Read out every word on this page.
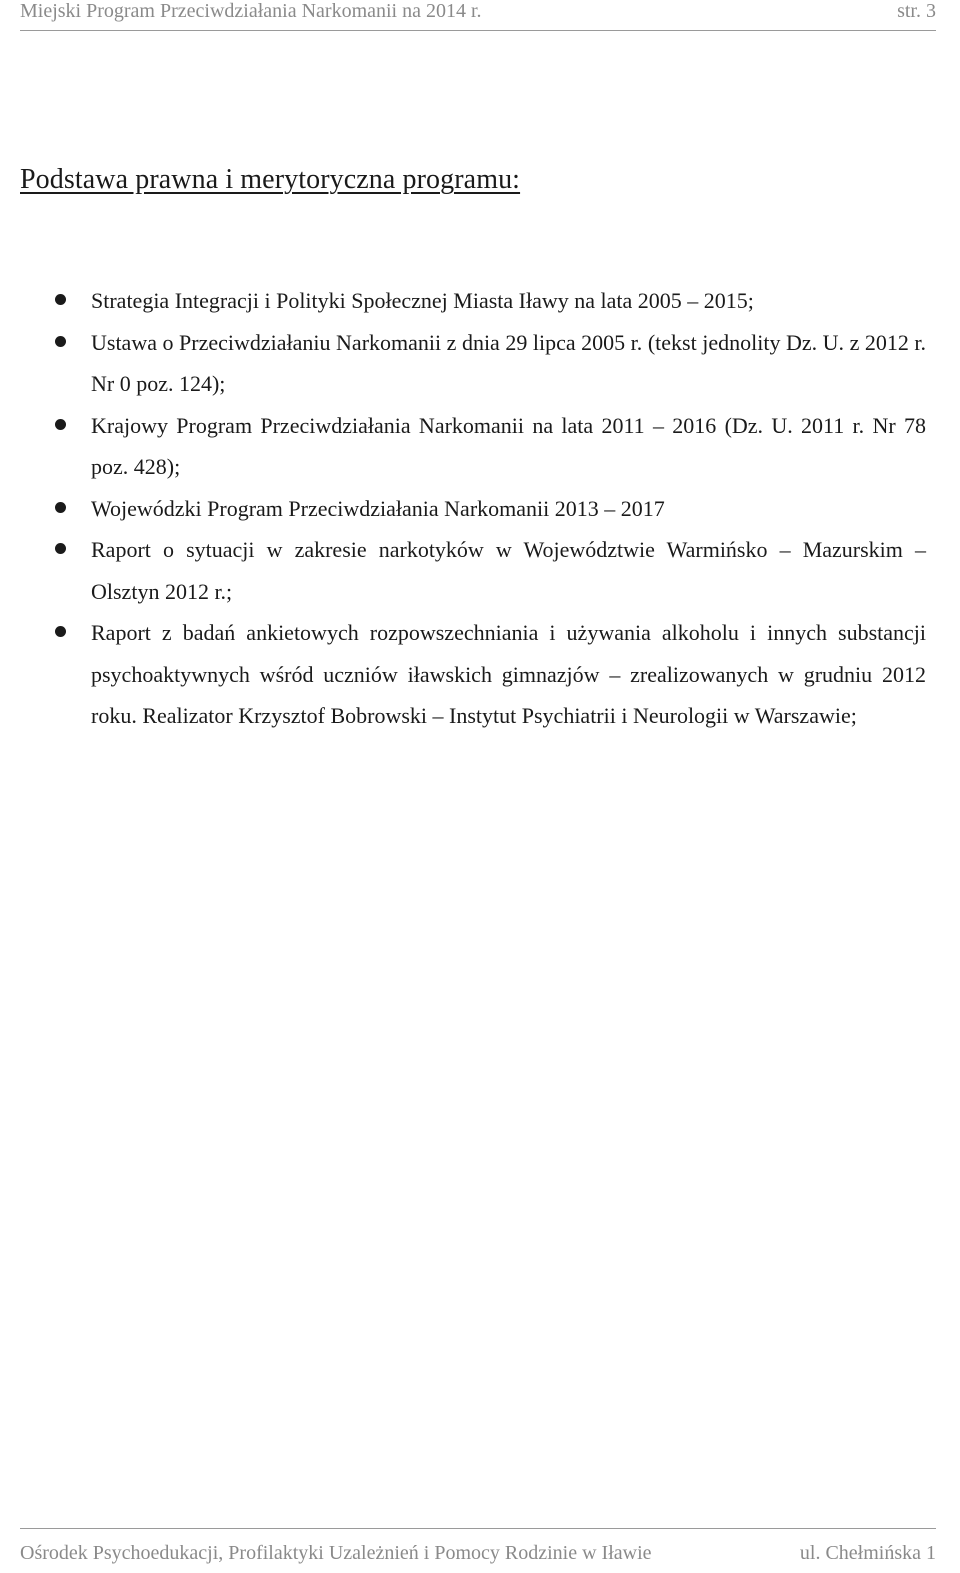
Miejski Program Przeciwdziałania Narkomanii na 2014 r.	str. 3
Podstawa prawna i merytoryczna programu:
Strategia Integracji i Polityki Społecznej Miasta Iławy na lata 2005 – 2015;
Ustawa o Przeciwdziałaniu Narkomanii z dnia 29 lipca 2005 r. (tekst jednolity Dz. U. z 2012 r. Nr 0 poz. 124);
Krajowy Program Przeciwdziałania Narkomanii na lata 2011 – 2016 (Dz. U. 2011 r. Nr 78 poz. 428);
Wojewódzki Program Przeciwdziałania Narkomanii 2013 – 2017
Raport o sytuacji w zakresie narkotyków w Województwie Warmińsko – Mazurskim – Olsztyn 2012 r.;
Raport z badań ankietowych rozpowszechniania i używania alkoholu i innych substancji psychoaktywnych wśród uczniów iławskich gimnazjów – zrealizowanych w grudniu 2012 roku. Realizator Krzysztof Bobrowski – Instytut Psychiatrii i Neurologii w Warszawie;
Ośrodek Psychoedukacji, Profilaktyki Uzależnień i Pomocy Rodzinie w Iławie	ul. Chełmińska 1
